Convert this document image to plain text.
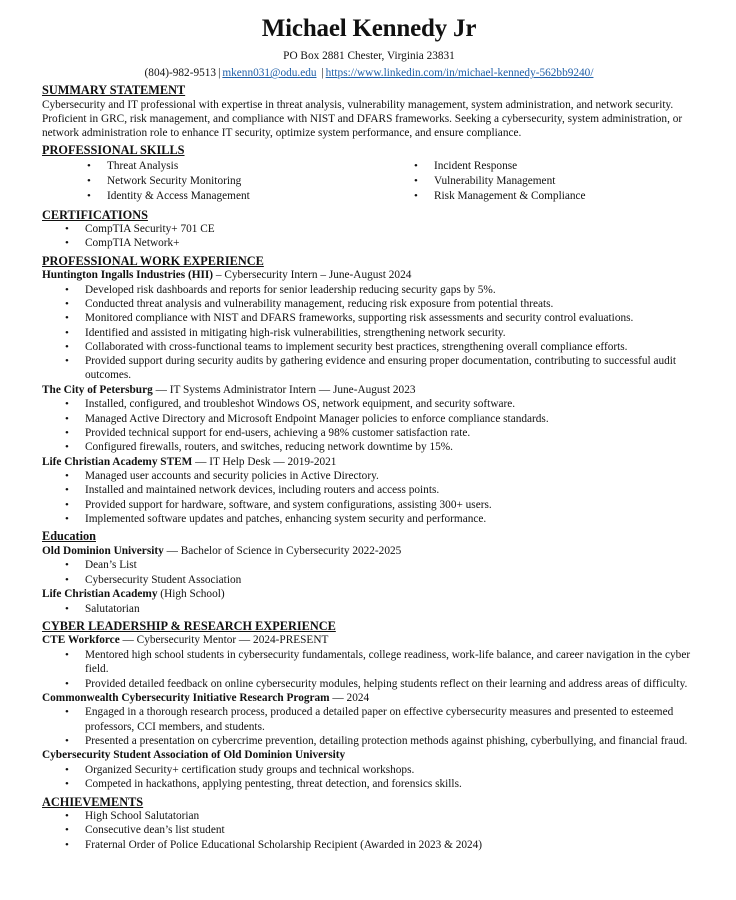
Michael Kennedy Jr
PO Box 2881 Chester, Virginia 23831
(804)-982-9513 | mkenn031@odu.edu | https://www.linkedin.com/in/michael-kennedy-562bb9240/
SUMMARY STATEMENT
Cybersecurity and IT professional with expertise in threat analysis, vulnerability management, system administration, and network security. Proficient in GRC, risk management, and compliance with NIST and DFARS frameworks. Seeking a cybersecurity, system administration, or network administration role to enhance IT security, optimize system performance, and ensure compliance.
PROFESSIONAL SKILLS
• Threat Analysis
• Network Security Monitoring
• Identity & Access Management
• Incident Response
• Vulnerability Management
• Risk Management & Compliance
CERTIFICATIONS
• CompTIA Security+ 701 CE
• CompTIA Network+
PROFESSIONAL WORK EXPERIENCE
Huntington Ingalls Industries (HII) – Cybersecurity Intern – June-August 2024
• Developed risk dashboards and reports for senior leadership reducing security gaps by 5%.
• Conducted threat analysis and vulnerability management, reducing risk exposure from potential threats.
• Monitored compliance with NIST and DFARS frameworks, supporting risk assessments and security control evaluations.
• Identified and assisted in mitigating high-risk vulnerabilities, strengthening network security.
• Collaborated with cross-functional teams to implement security best practices, strengthening overall compliance efforts.
• Provided support during security audits by gathering evidence and ensuring proper documentation, contributing to successful audit outcomes.
The City of Petersburg — IT Systems Administrator Intern — June-August 2023
• Installed, configured, and troubleshot Windows OS, network equipment, and security software.
• Managed Active Directory and Microsoft Endpoint Manager policies to enforce compliance standards.
• Provided technical support for end-users, achieving a 98% customer satisfaction rate.
• Configured firewalls, routers, and switches, reducing network downtime by 15%.
Life Christian Academy STEM — IT Help Desk — 2019-2021
• Managed user accounts and security policies in Active Directory.
• Installed and maintained network devices, including routers and access points.
• Provided support for hardware, software, and system configurations, assisting 300+ users.
• Implemented software updates and patches, enhancing system security and performance.
Education
Old Dominion University — Bachelor of Science in Cybersecurity 2022-2025
• Dean’s List
• Cybersecurity Student Association
Life Christian Academy (High School)
• Salutatorian
CYBER LEADERSHIP & RESEARCH EXPERIENCE
CTE Workforce — Cybersecurity Mentor — 2024-PRESENT
• Mentored high school students in cybersecurity fundamentals, college readiness, work-life balance, and career navigation in the cyber field.
• Provided detailed feedback on online cybersecurity modules, helping students reflect on their learning and address areas of difficulty.
Commonwealth Cybersecurity Initiative Research Program — 2024
• Engaged in a thorough research process, produced a detailed paper on effective cybersecurity measures and presented to esteemed professors, CCI members, and students.
• Presented a presentation on cybercrime prevention, detailing protection methods against phishing, cyberbullying, and financial fraud.
Cybersecurity Student Association of Old Dominion University
• Organized Security+ certification study groups and technical workshops.
• Competed in hackathons, applying pentesting, threat detection, and forensics skills.
ACHIEVEMENTS
• High School Salutatorian
• Consecutive dean’s list student
• Fraternal Order of Police Educational Scholarship Recipient (Awarded in 2023 & 2024)
